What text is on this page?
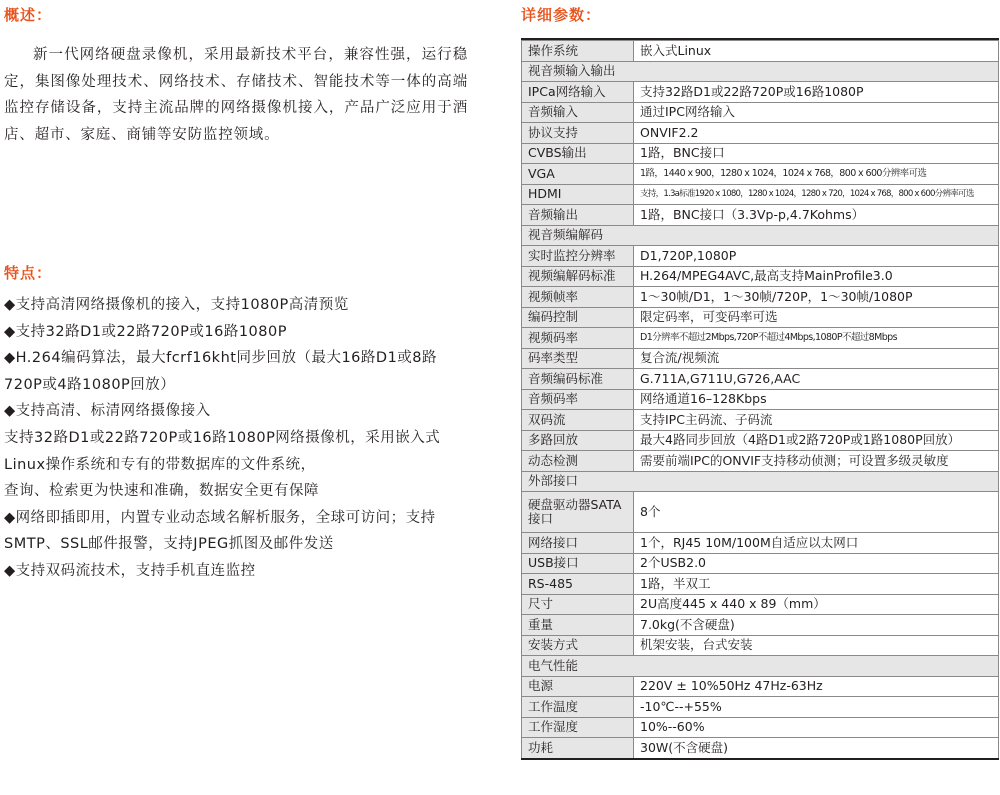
概述：

新一代网络硬盘录像机，采用最新技术平台，兼容性强，运行稳定，集图像处理技术、网络技术、存储技术、智能技术等一体的高端监控存储设备，支持主流品牌的网络摄像机接入，产品广泛应用于酒店、超市、家庭、商铺等安防监控领域。

特点：
◆支持高清网络摄像机的接入，支持1080P高清预览
◆支持32路D1或22路720P或16路1080P
◆H.264编码算法，最大fcrf16kht同步回放（最大16路D1或8路720P或4路1080P回放）
◆支持高清、标清网络摄像接入
支持32路D1或22路720P或16路1080P网络摄像机，采用嵌入式Linux操作系统和专有的带数据库的文件系统，
查询、检索更为快速和准确，数据安全更有保障
◆网络即插即用，内置专业动态域名解析服务，全球可访问；支持SMTP、SSL邮件报警，支持JPEG抓图及邮件发送
◆支持双码流技术，支持手机直连监控
详细参数：
操作系统	嵌入式Linux
视音频输入输出	
IPCa网络输入	支持32路D1或22路720P或16路1080P
音频输入	通过IPC网络输入
协议支持	ONVIF2.2
CVBS输出	1路，BNC接口
VGA	1路，1440 x 900，1280 x 1024，1024 x 768，800 x 600分辨率可选
HDMI	支持，1.3a标准1920 x 1080，1280 x 1024，1280 x 720，1024 x 768，800 x 600分辨率可选
音频输出	1路，BNC接口（3.3Vp-p,4.7Kohms）
视音频编解码	
实时监控分辨率	D1,720P,1080P
视频编解码标准	H.264/MPEG4AVC,最高支持MainProfile3.0
视频帧率	1～30帧/D1，1～30帧/720P，1～30帧/1080P
编码控制	限定码率，可变码率可选
视频码率	D1分辨率不超过2Mbps,720P不超过4Mbps,1080P不超过8Mbps
码率类型	复合流/视频流
音频编码标准	G.711A,G711U,G726,AAC
音频码率	网络通道16–128Kbps
双码流	支持IPC主码流、子码流
多路回放	最大4路同步回放（4路D1或2路720P或1路1080P回放）
动态检测	需要前端IPC的ONVIF支持移动侦测；可设置多级灵敏度
外部接口	
硬盘驱动器SATA接口	8个
网络接口	1个，RJ45 10M/100M自适应以太网口
USB接口	2个USB2.0
RS-485	1路，半双工
尺寸	2U高度445 x 440 x 89（mm）
重量	7.0kg(不含硬盘)
安装方式	机架安装，台式安装
电气性能	
电源	220V ± 10%50Hz 47Hz-63Hz
工作温度	-10℃--+55%
工作湿度	10%--60%
功耗	30W(不含硬盘)
